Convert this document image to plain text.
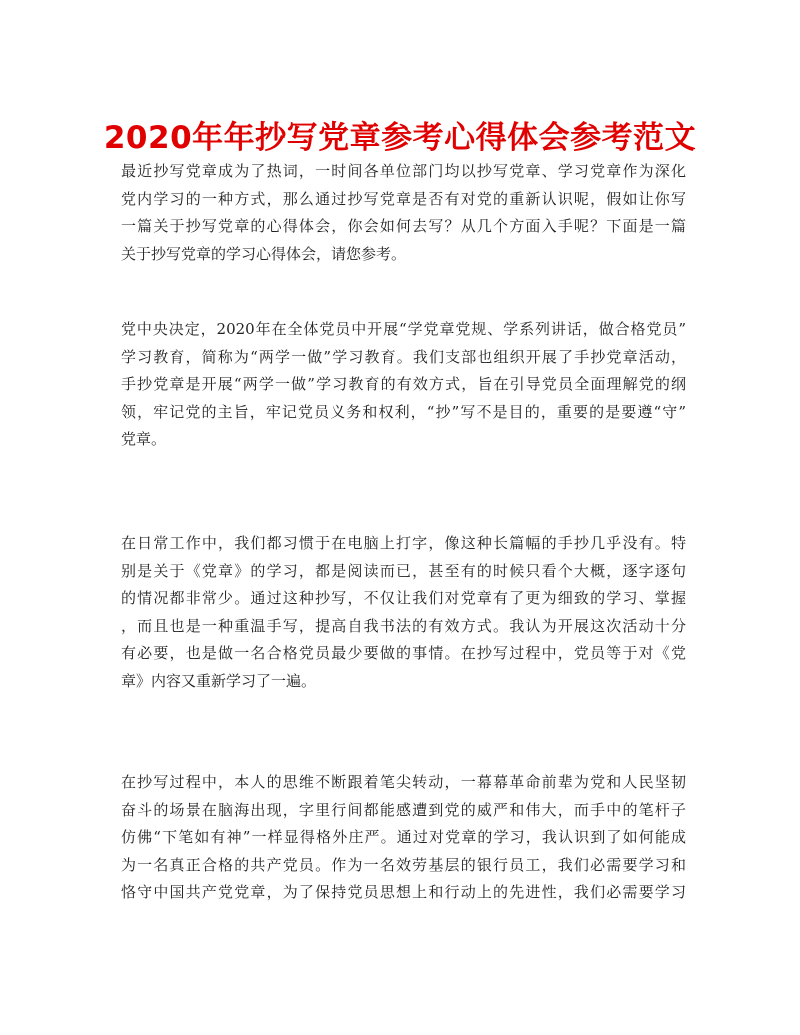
2020年年抄写党章参考心得体会参考范文
最近抄写党章成为了热词，一时间各单位部门均以抄写党章、学习党章作为深化
党内学习的一种方式，那么通过抄写党章是否有对党的重新认识呢，假如让你写
一篇关于抄写党章的心得体会，你会如何去写？从几个方面入手呢？下面是一篇
关于抄写党章的学习心得体会，请您参考。
党中央决定，2020年在全体党员中开展“学党章党规、学系列讲话，做合格党员”
学习教育，简称为“两学一做”学习教育。我们支部也组织开展了手抄党章活动，
手抄党章是开展“两学一做”学习教育的有效方式，旨在引导党员全面理解党的纲
领，牢记党的主旨，牢记党员义务和权利，“抄”写不是目的，重要的是要遵“守”
党章。
在日常工作中，我们都习惯于在电脑上打字，像这种长篇幅的手抄几乎没有。特
别是关于《党章》的学习，都是阅读而已，甚至有的时候只看个大概，逐字逐句
的情况都非常少。通过这种抄写，不仅让我们对党章有了更为细致的学习、掌握
，而且也是一种重温手写，提高自我书法的有效方式。我认为开展这次活动十分
有必要，也是做一名合格党员最少要做的事情。在抄写过程中，党员等于对《党
章》内容又重新学习了一遍。
在抄写过程中，本人的思维不断跟着笔尖转动，一幕幕革命前辈为党和人民坚韧
奋斗的场景在脑海出现，字里行间都能感遭到党的威严和伟大，而手中的笔杆子
仿佛“下笔如有神”一样显得格外庄严。通过对党章的学习，我认识到了如何能成
为一名真正合格的共产党员。作为一名效劳基层的银行员工，我们必需要学习和
恪守中国共产党党章，为了保持党员思想上和行动上的先进性，我们必需要学习
